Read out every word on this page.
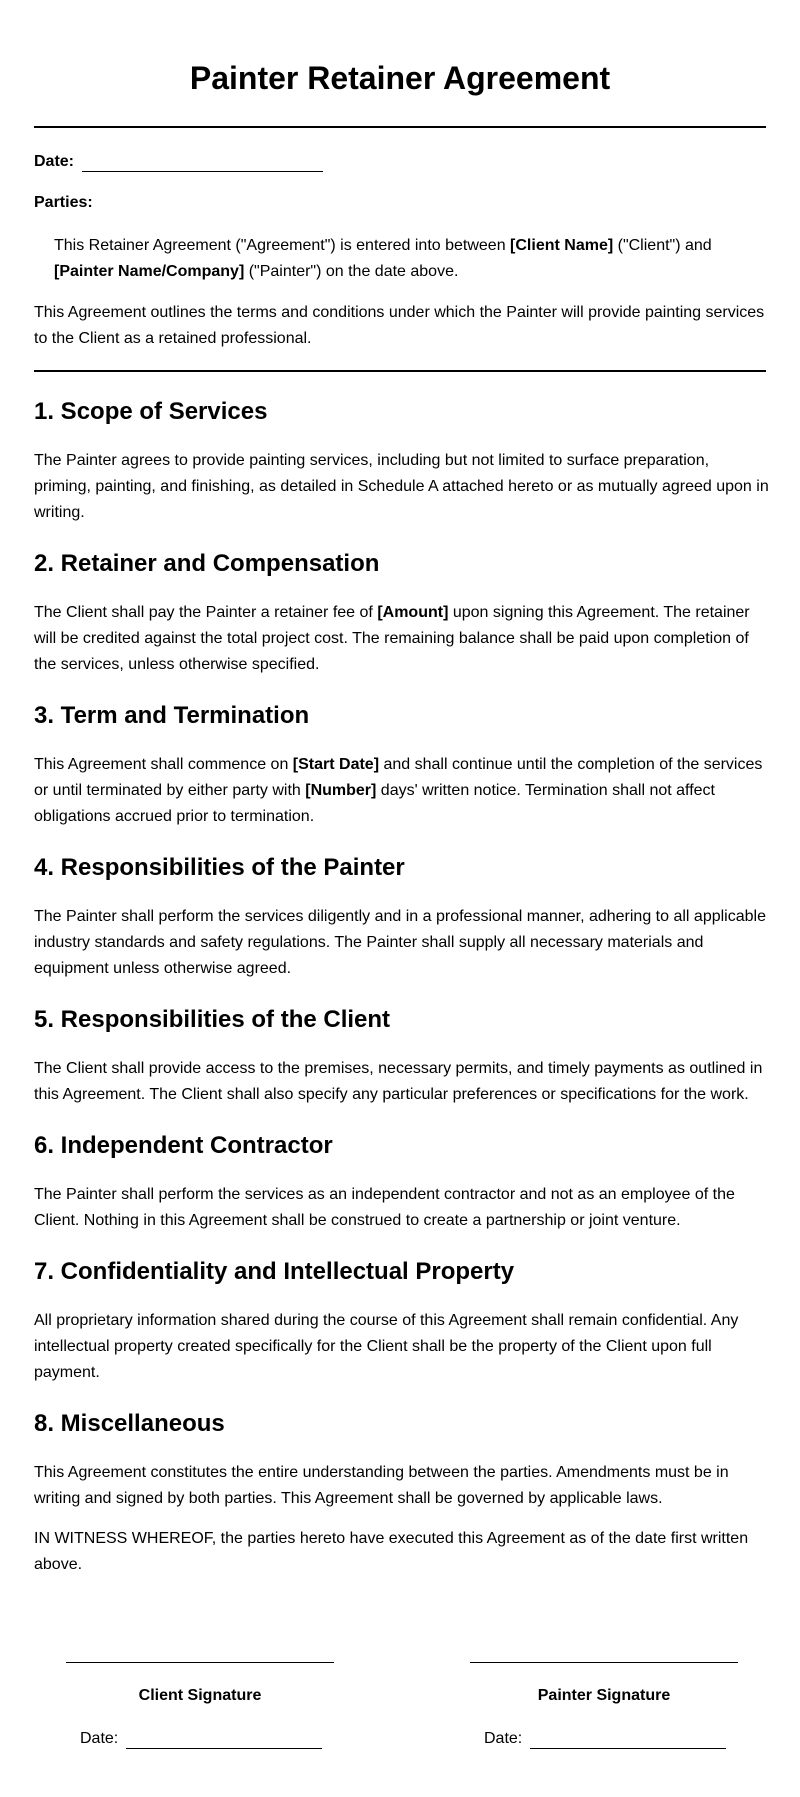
Painter Retainer Agreement
Date:
Parties:

This Retainer Agreement ("Agreement") is entered into between [Client Name] ("Client") and [Painter Name/Company] ("Painter") on the date above.

This Agreement outlines the terms and conditions under which the Painter will provide painting services to the Client as a retained professional.

1. Scope of Services

The Painter agrees to provide painting services, including but not limited to surface preparation, priming, painting, and finishing, as detailed in Schedule A attached hereto or as mutually agreed upon in writing.

2. Retainer and Compensation

The Client shall pay the Painter a retainer fee of [Amount] upon signing this Agreement. The retainer will be credited against the total project cost. The remaining balance shall be paid upon completion of the services, unless otherwise specified.

3. Term and Termination

This Agreement shall commence on [Start Date] and shall continue until the completion of the services or until terminated by either party with [Number] days' written notice. Termination shall not affect obligations accrued prior to termination.

4. Responsibilities of the Painter

The Painter shall perform the services diligently and in a professional manner, adhering to all applicable industry standards and safety regulations. The Painter shall supply all necessary materials and equipment unless otherwise agreed.

5. Responsibilities of the Client

The Client shall provide access to the premises, necessary permits, and timely payments as outlined in this Agreement. The Client shall also specify any particular preferences or specifications for the work.

6. Independent Contractor

The Painter shall perform the services as an independent contractor and not as an employee of the Client. Nothing in this Agreement shall be construed to create a partnership or joint venture.

7. Confidentiality and Intellectual Property

All proprietary information shared during the course of this Agreement shall remain confidential. Any intellectual property created specifically for the Client shall be the property of the Client upon full payment.

8. Miscellaneous

This Agreement constitutes the entire understanding between the parties. Amendments must be in writing and signed by both parties. This Agreement shall be governed by applicable laws.

IN WITNESS WHEREOF, the parties hereto have executed this Agreement as of the date first written above.

Client Signature
Date:
Painter Signature
Date:
